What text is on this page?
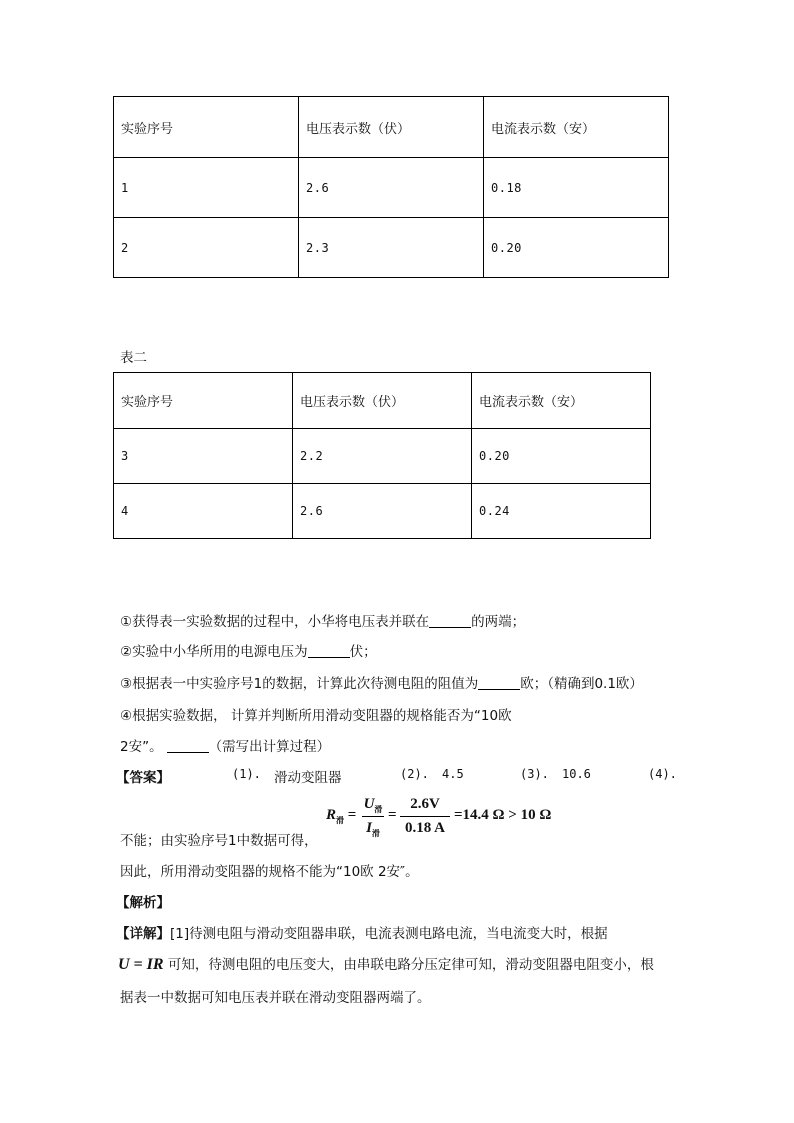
实验序号	电压表示数（伏）	电流表示数（安）
1	2.6	0.18
2	2.3	0.20
表二
实验序号	电压表示数（伏）	电流表示数（安）
3	2.2	0.20
4	2.6	0.24
①获得表一实验数据的过程中，小华将电压表并联在	的两端；
②实验中小华所用的电源电压为	伏；
③根据表一中实验序号1的数据，计算此次待测电阻的阻值为	欧；（精确到0.1欧）
④根据实验数据， 计算并判断所用滑动变阻器的规格能否为“10欧
2安”。	（需写出计算过程）
【答案】	(1). 滑动变阻器	(2). 4.5	(3). 10.6	(4).
$R_滑$ =
$U_滑$
$I_滑$
=
2.6V
0.18 A
=14.4 Ω > 10 Ω
不能；由实验序号1中数据可得，
因此，所用滑动变阻器的规格不能为“10欧 2安″。
【解析】
【详解】[1]待测电阻与滑动变阻器串联，电流表测电路电流，当电流变大时，根据
U = IR 可知，待测电阻的电压变大，由串联电路分压定律可知，滑动变阻器电阻变小，根
据表一中数据可知电压表并联在滑动变阻器两端了。
